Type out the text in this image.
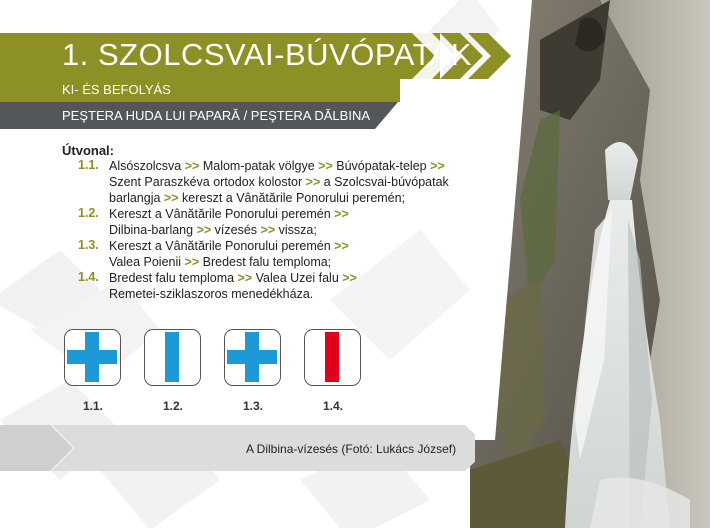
1. SZOLCSVAI-BÚVÓPATAK
KI- ÉS BEFOLYÁS
PEŞTERA HUDA LUI PAPARĂ / PEŞTERA DĂLBINA
Útvonal:
1.1. Alsószolcsva >> Malom-patak völgye >> Búvópatak-telep >>
Szent Paraszkéva ortodox kolostor >> a Szolcsvai-búvópatak barlangja >> kereszt a Vânătările Ponorului peremén;
1.2. Kereszt a Vânătările Ponorului peremén >>
Dilbina-barlang >> vízesés >> vissza;
1.3. Kereszt a Vânătările Ponorului peremén >>
Valea Poienii >> Bredest falu temploma;
1.4. Bredest falu temploma >> Valea Uzei falu >>
Remetei-sziklaszoros menedékháza.
1.1.	1.2.	1.3.	1.4.
A Dilbina-vízesés (Fotó: Lukács József)
